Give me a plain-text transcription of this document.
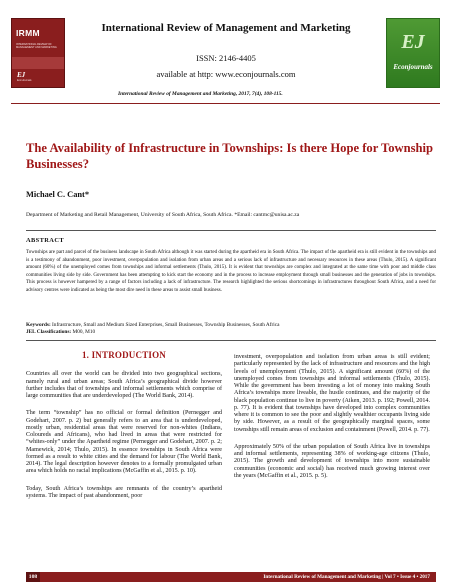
IRMM
INTERNATIONAL REVIEW OF MANAGEMENT AND MARKETING
EJ
EconJournals
International Review of Management and Marketing
ISSN: 2146-4405
available at http: www.econjournals.com
EJ
Econjournals
International Review of Management and Marketing, 2017, 7(4), 108-115.
The Availability of Infrastructure in Townships: Is there Hope for Township Businesses?
Michael C. Cant*
Department of Marketing and Retail Management, University of South Africa, South Africa. *Email: cantmc@unisa.ac.za
ABSTRACT
Townships are part and parcel of the business landscape in South Africa although it was started during the apartheid era in South Africa. The impact of the apartheid era is still evident in the townships and is a testimony of abandonment, poor investment, overpopulation and isolation from urban areas and a serious lack of infrastructure and necessary resources in these areas (Thulo, 2015). A significant amount (60%) of the unemployed comes from townships and informal settlements (Thulo, 2015). It is evident that townships are complex and integrated at the same time with poor and middle class communities living side by side. Government has been attempting to kick start the economy and in the process to increase employment through small businesses and the generation of jobs in townships. This process is however hampered by a range of factors including a lack of infrastructure. The research highlighted the serious shortcomings in infrastructures throughout South Africa, and a need for advisory centres were indicated as being the most dire need in these areas to assist small business.
Keywords: Infrastructure, Small and Medium Sized Enterprises, Small Businesses, Township Businesses, South Africa
JEL Classifications: M00, M10
1. INTRODUCTION

Countries all over the world can be divided into two geographical sections, namely rural and urban areas; South Africa’s geographical divide however further includes that of townships and informal settlements which comprise of large communities that are underdeveloped (The World Bank, 2014).

The term “township” has no official or formal definition (Pernegger and Godehart, 2007. p. 2) but generally refers to an area that is underdeveloped, mostly urban, residential areas that were reserved for non-whites (Indians, Coloureds and Africans), who had lived in areas that were restricted for “whites-only” under the Apartheid regime (Pernegger and Godehart, 2007. p. 2; Mamewick, 2014; Thulo, 2015). In essence townships in South Africa were formed as a result to white cities and the demand for labour (The World Bank, 2014). The legal description however denotes to a formally promulgated urban area which holds no racial implications (McGaffin et al., 2015. p. 10).

Today, South Africa’s townships are remnants of the country’s apartheid systems. The impact of past abandonment, poor

investment, overpopulation and isolation from urban areas is still evident; particularly represented by the lack of infrastructure and resources and the high levels of unemployment (Thulo, 2015). A significant amount (60%) of the unemployed comes from townships and informal settlements (Thulo, 2015). While the government has been investing a lot of money into making South Africa’s townships more liveable, the hustle continues, and the majority of the black population continue to live in poverty (Aiken, 2013. p. 192; Powell, 2014. p. 77). It is evident that townships have developed into complex communities where it is common to see the poor and slightly wealthier occupants living side by side. However, as a result of the geographically marginal spaces, some townships still remain areas of exclusion and containment (Powell, 2014. p. 77).

Approximately 50% of the urban population of South Africa live in townships and informal settlements, representing 38% of working-age citizens (Thulo, 2015). The growth and development of townships into more sustainable communities (economic and social) has received much growing interest over the years (McGaffin et al., 2015. p. 5).

108	International Review of Management and Marketing | Vol 7 • Issue 4 • 2017
